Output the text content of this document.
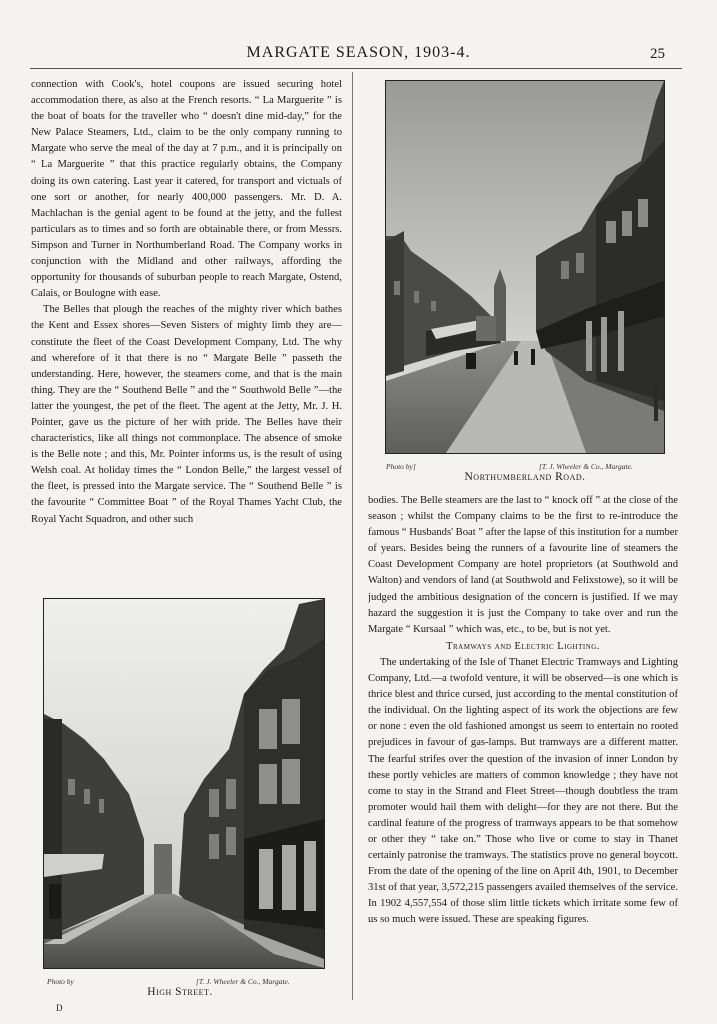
MARGATE SEASON, 1903-4.	25

connection with Cook's, hotel coupons are issued securing hotel accommodation there, as also at the French resorts. “ La Marguerite ” is the boat of boats for the traveller who “ doesn't dine mid-day,” for the New Palace Steamers, Ltd., claim to be the only company running to Margate who serve the meal of the day at 7 p.m., and it is principally on “ La Marguerite ” that this practice regularly obtains, the Company doing its own catering. Last year it catered, for transport and victuals of one sort or another, for nearly 400,000 passengers. Mr. D. A. Machlachan is the genial agent to be found at the jetty, and the fullest particulars as to times and so forth are obtainable there, or from Messrs. Simpson and Turner in Northumberland Road. The Company works in conjunction with the Midland and other railways, affording the opportunity for thousands of suburban people to reach Margate, Ostend, Calais, or Boulogne with ease.

The Belles that plough the reaches of the mighty river which bathes the Kent and Essex shores—Seven Sisters of mighty limb they are—constitute the fleet of the Coast Development Company, Ltd. The why and wherefore of it that there is no “ Margate Belle ” passeth the understanding. Here, however, the steamers come, and that is the main thing. They are the “ Southend Belle ” and the “ Southwold Belle ”—the latter the youngest, the pet of the fleet. The agent at the Jetty, Mr. J. H. Pointer, gave us the picture of her with pride. The Belles have their characteristics, like all things not commonplace. The absence of smoke is the Belle note ; and this, Mr. Pointer informs us, is the result of using Welsh coal. At holiday times the “ London Belle,” the largest vessel of the fleet, is pressed into the Margate service. The “ Southend Belle ” is the favourite “ Committee Boat ” of the Royal Thames Yacht Club, the Royal Yacht Squadron, and other such

Photo by]	[T. J. Wheeler & Co., Margate.
Northumberland Road.
Photo by	[T. J. Wheeler & Co., Margate.
High Street.

bodies. The Belle steamers are the last to “ knock off ” at the close of the season ; whilst the Company claims to be the first to re-introduce the famous “ Husbands' Boat ” after the lapse of this institution for a number of years. Besides being the runners of a favourite line of steamers the Coast Development Company are hotel proprietors (at Southwold and Walton) and vendors of land (at Southwold and Felixstowe), so it will be judged the ambitious designation of the concern is justified. If we may hazard the suggestion it is just the Company to take over and run the Margate “ Kursaal ” which was, etc., to be, but is not yet.

Tramways and Electric Lighting.

The undertaking of the Isle of Thanet Electric Tramways and Lighting Company, Ltd.—a twofold venture, it will be observed—is one which is thrice blest and thrice cursed, just according to the mental constitution of the individual. On the lighting aspect of its work the objections are few or none : even the old fashioned amongst us seem to entertain no rooted prejudices in favour of gas-lamps. But tramways are a different matter. The fearful strifes over the question of the invasion of inner London by these portly vehicles are matters of common knowledge ; they have not come to stay in the Strand and Fleet Street—though doubtless the tram promoter would hail them with delight—for they are not there. But the cardinal feature of the progress of tramways appears to be that somehow or other they “ take on.” Those who live or come to stay in Thanet certainly patronise the tramways. The statistics prove no general boycott. From the date of the opening of the line on April 4th, 1901, to December 31st of that year, 3,572,215 passengers availed themselves of the service. In 1902 4,557,554 of those slim little tickets which irritate some few of us so much were issued. These are speaking figures.

D
